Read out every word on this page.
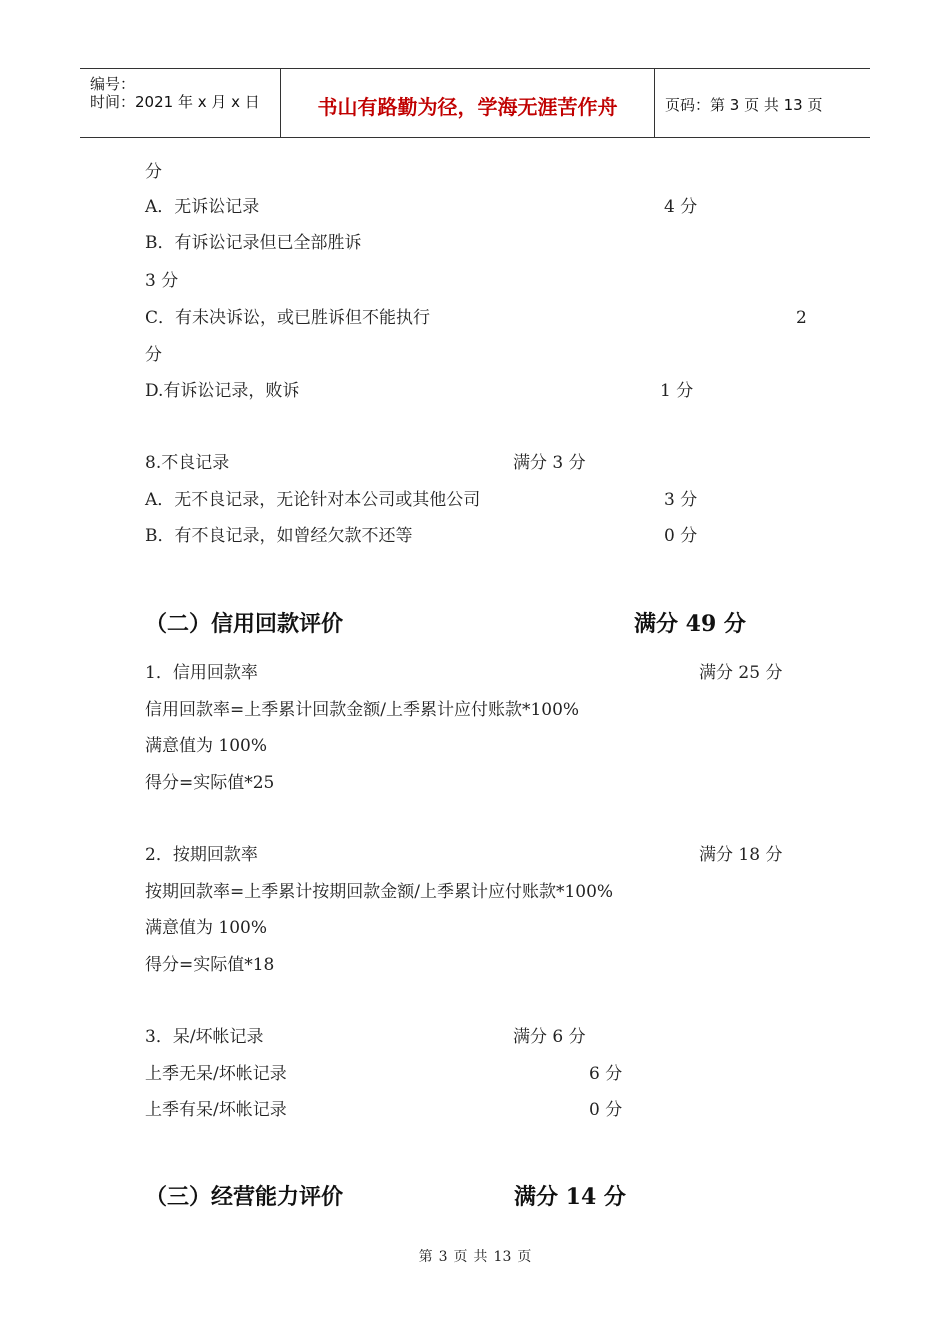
编号：
时间：2021 年 x 月 x 日	书山有路勤为径，学海无涯苦作舟	页码：第 3 页 共 13 页
分
A．无诉讼记录	4 分
B．有诉讼记录但已全部胜诉
3 分
C．有未决诉讼，或已胜诉但不能执行	2
分
D.有诉讼记录，败诉	1 分
8.不良记录	满分 3 分
A．无不良记录，无论针对本公司或其他公司	3 分
B．有不良记录，如曾经欠款不还等	0 分
（二）信用回款评价	满分 49 分
1．信用回款率	满分 25 分
信用回款率=上季累计回款金额/上季累计应付账款*100%
满意值为 100%
得分=实际值*25
2．按期回款率	满分 18 分
按期回款率=上季累计按期回款金额/上季累计应付账款*100%
满意值为 100%
得分=实际值*18
3．呆/坏帐记录	满分 6 分
上季无呆/坏帐记录	6 分
上季有呆/坏帐记录	0 分
（三）经营能力评价	满分 14 分
第 3 页 共 13 页
